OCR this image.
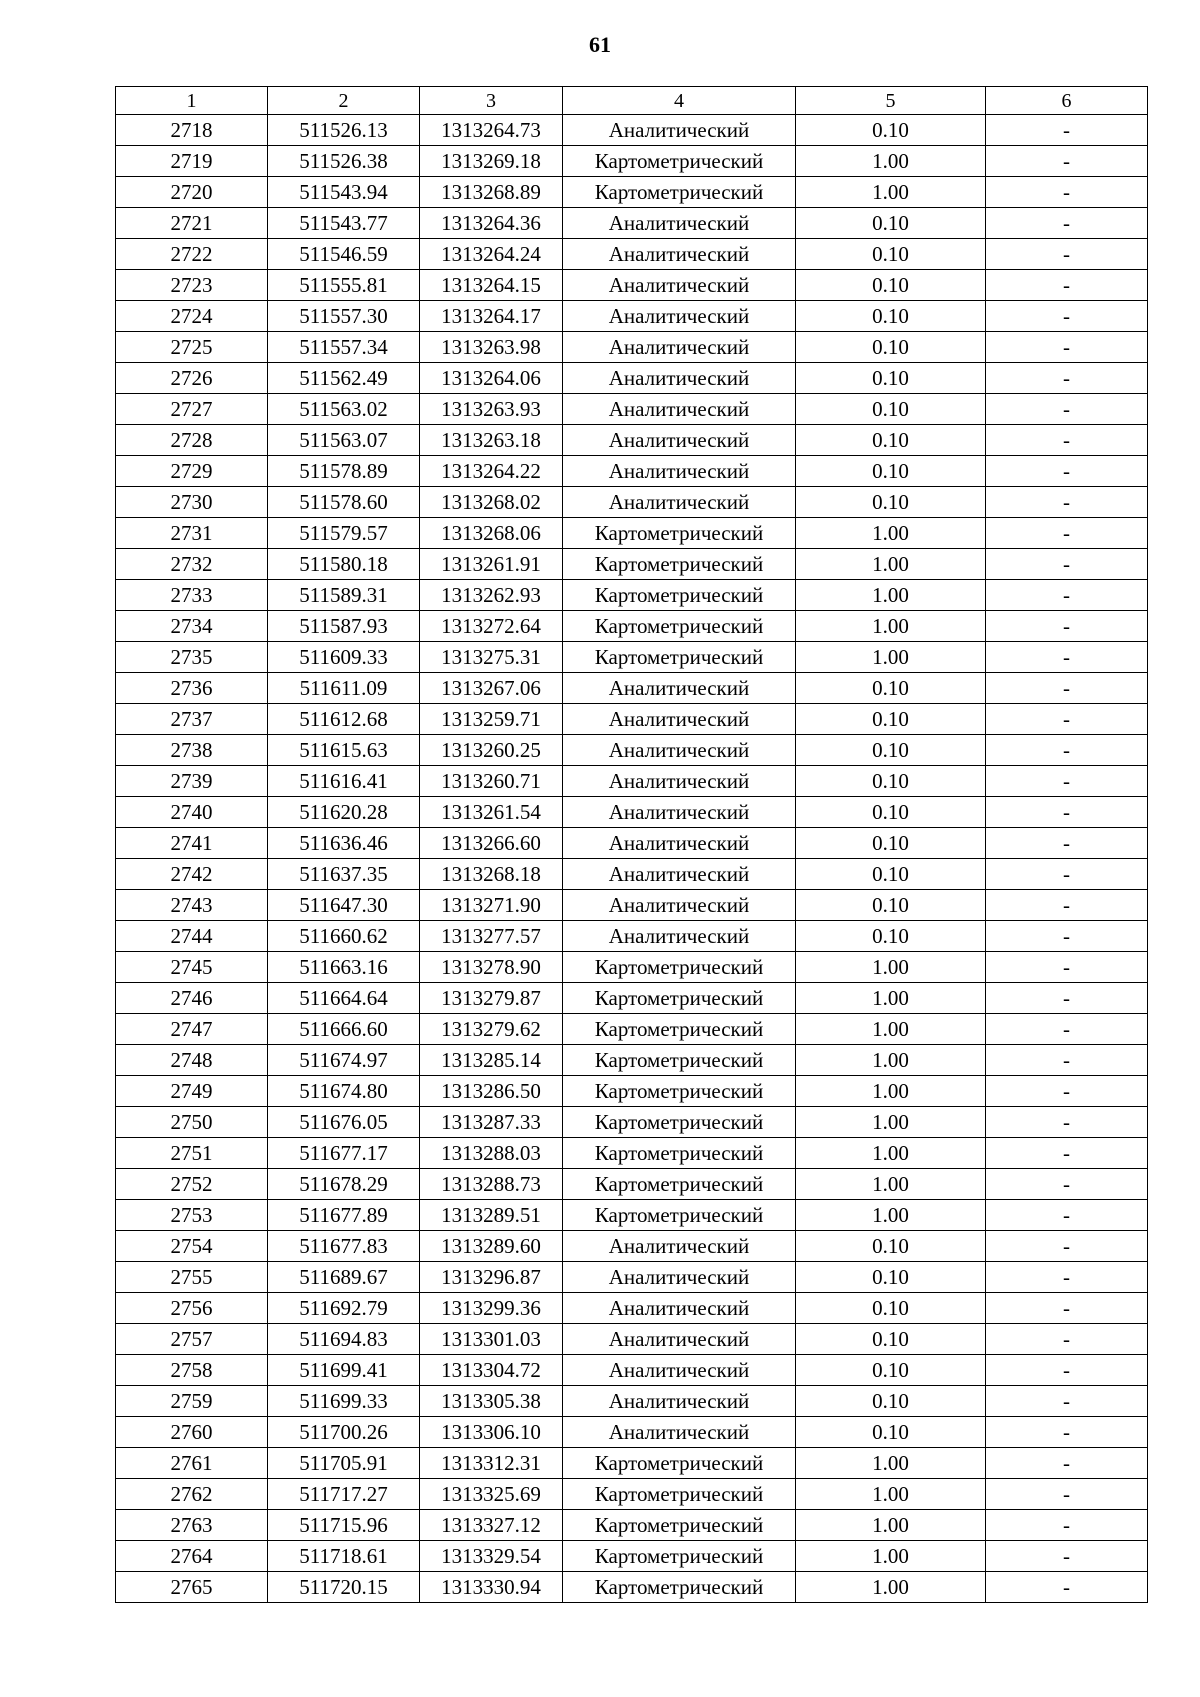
61
1	2	3	4	5	6
2718	511526.13	1313264.73	Аналитический	0.10	-
2719	511526.38	1313269.18	Картометрический	1.00	-
2720	511543.94	1313268.89	Картометрический	1.00	-
2721	511543.77	1313264.36	Аналитический	0.10	-
2722	511546.59	1313264.24	Аналитический	0.10	-
2723	511555.81	1313264.15	Аналитический	0.10	-
2724	511557.30	1313264.17	Аналитический	0.10	-
2725	511557.34	1313263.98	Аналитический	0.10	-
2726	511562.49	1313264.06	Аналитический	0.10	-
2727	511563.02	1313263.93	Аналитический	0.10	-
2728	511563.07	1313263.18	Аналитический	0.10	-
2729	511578.89	1313264.22	Аналитический	0.10	-
2730	511578.60	1313268.02	Аналитический	0.10	-
2731	511579.57	1313268.06	Картометрический	1.00	-
2732	511580.18	1313261.91	Картометрический	1.00	-
2733	511589.31	1313262.93	Картометрический	1.00	-
2734	511587.93	1313272.64	Картометрический	1.00	-
2735	511609.33	1313275.31	Картометрический	1.00	-
2736	511611.09	1313267.06	Аналитический	0.10	-
2737	511612.68	1313259.71	Аналитический	0.10	-
2738	511615.63	1313260.25	Аналитический	0.10	-
2739	511616.41	1313260.71	Аналитический	0.10	-
2740	511620.28	1313261.54	Аналитический	0.10	-
2741	511636.46	1313266.60	Аналитический	0.10	-
2742	511637.35	1313268.18	Аналитический	0.10	-
2743	511647.30	1313271.90	Аналитический	0.10	-
2744	511660.62	1313277.57	Аналитический	0.10	-
2745	511663.16	1313278.90	Картометрический	1.00	-
2746	511664.64	1313279.87	Картометрический	1.00	-
2747	511666.60	1313279.62	Картометрический	1.00	-
2748	511674.97	1313285.14	Картометрический	1.00	-
2749	511674.80	1313286.50	Картометрический	1.00	-
2750	511676.05	1313287.33	Картометрический	1.00	-
2751	511677.17	1313288.03	Картометрический	1.00	-
2752	511678.29	1313288.73	Картометрический	1.00	-
2753	511677.89	1313289.51	Картометрический	1.00	-
2754	511677.83	1313289.60	Аналитический	0.10	-
2755	511689.67	1313296.87	Аналитический	0.10	-
2756	511692.79	1313299.36	Аналитический	0.10	-
2757	511694.83	1313301.03	Аналитический	0.10	-
2758	511699.41	1313304.72	Аналитический	0.10	-
2759	511699.33	1313305.38	Аналитический	0.10	-
2760	511700.26	1313306.10	Аналитический	0.10	-
2761	511705.91	1313312.31	Картометрический	1.00	-
2762	511717.27	1313325.69	Картометрический	1.00	-
2763	511715.96	1313327.12	Картометрический	1.00	-
2764	511718.61	1313329.54	Картометрический	1.00	-
2765	511720.15	1313330.94	Картометрический	1.00	-
